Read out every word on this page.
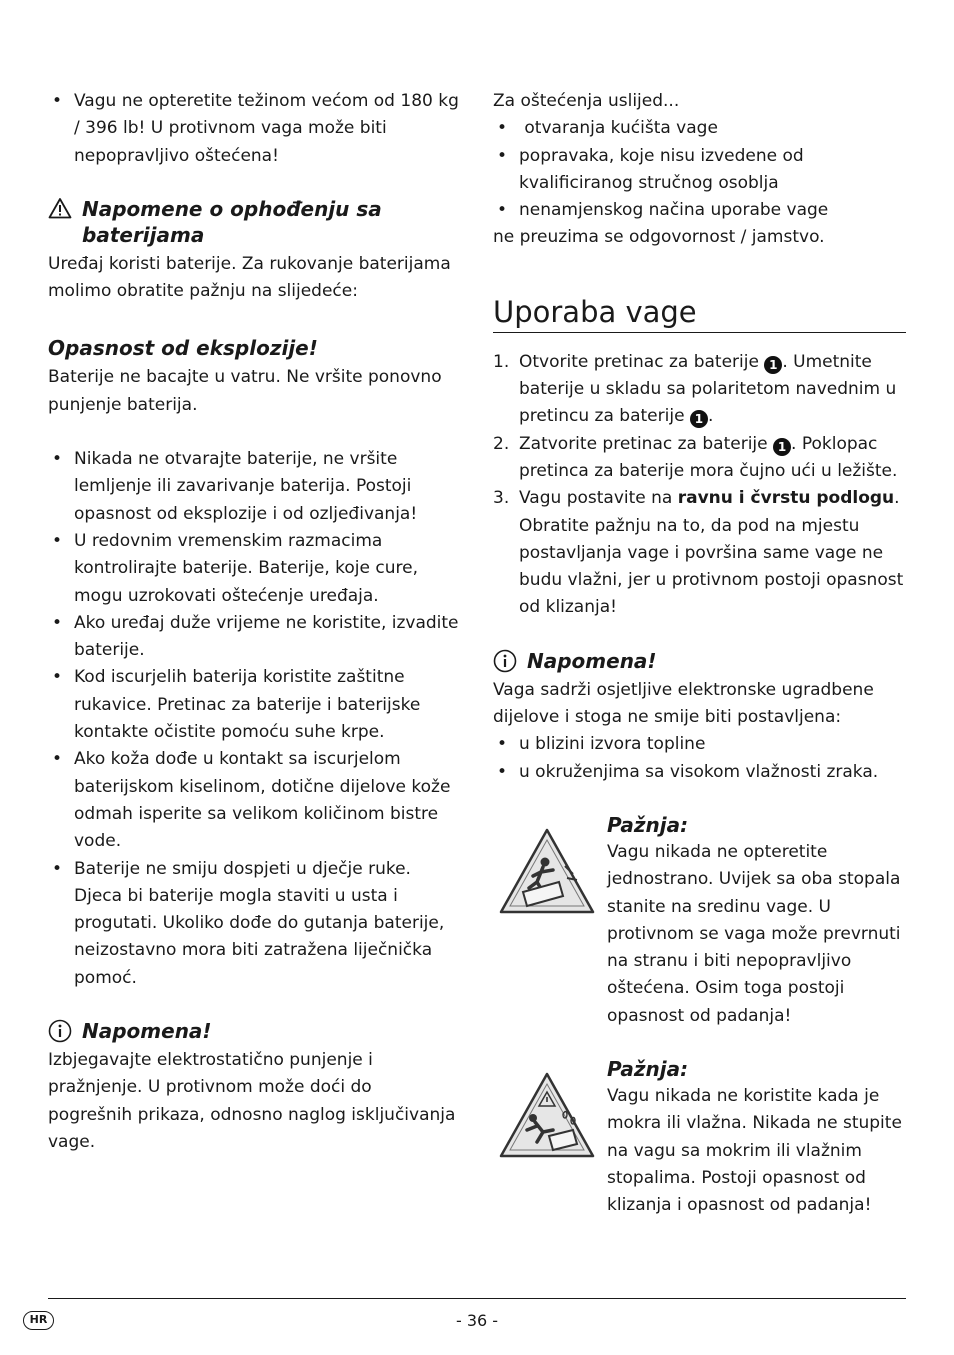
• Vagu ne opteretite težinom većom od 180 kg / 396 lb! U protivnom vaga može biti nepopravljivo oštećena!
Napomene o ophođenju sa baterijama

Uređaj koristi baterije. Za rukovanje baterijama molimo obratite pažnju na slijedeće:

Opasnost od eksplozije!

Baterije ne bacajte u vatru. Ne vršite ponovno punjenje baterija.

• Nikada ne otvarajte baterije, ne vršite lemljenje ili zavarivanje baterija. Postoji opasnost od eksplozije i od ozljeđivanja!
• U redovnim vremenskim razmacima kontrolirajte baterije. Baterije, koje cure, mogu uzrokovati oštećenje uređaja.
• Ako uređaj duže vrijeme ne koristite, izvadite baterije.
• Kod iscurjelih baterija koristite zaštitne rukavice. Pretinac za baterije i baterijske kontakte očistite pomoću suhe krpe.
• Ako koža dođe u kontakt sa iscurjelom baterijskom kiselinom, dotične dijelove kože odmah isperite sa velikom količinom bistre vode.
• Baterije ne smiju dospjeti u dječje ruke. Djeca bi baterije mogla staviti u usta i progutati. Ukoliko dođe do gutanja baterije, neizostavno mora biti zatražena liječnička pomoć.
Napomena!

Izbjegavajte elektrostatično punjenje i pražnjenje. U protivnom može doći do pogrešnih prikaza, odnosno naglog isključivanja vage.

Za oštećenja uslijed...

• otvaranja kućišta vage
• popravaka, koje nisu izvedene od kvalificiranog stručnog osoblja
• nenamjenskog načina uporabe vage

ne preuzima se odgovornost / jamstvo.

Uporaba vage
1. Otvorite pretinac za baterije 1 . Umetnite baterije u skladu sa polaritetom navednim u pretincu za baterije 1 .
2. Zatvorite pretinac za baterije 1 . Poklopac pretinca za baterije mora čujno ući u ležište.
3. Vagu postavite na ravnu i čvrstu podlogu. Obratite pažnju na to, da pod na mjestu postavljanja vage i površina same vage ne budu vlažni, jer u protivnom postoji opasnost od klizanja!
Napomena!

Vaga sadrži osjetljive elektronske ugradbene dijelove i stoga ne smije biti postavljena:

• u blizini izvora topline
• u okruženjima sa visokom vlažnosti zraka.
Pažnja:

Vagu nikada ne opteretite jednostrano. Uvijek sa oba stopala stanite na sredinu vage. U protivnom se vaga može prevrnuti na stranu i biti nepopravljivo oštećena. Osim toga postoji opasnost od padanja!

Pažnja:

Vagu nikada ne koristite kada je mokra ili vlažna. Nikada ne stupite na vagu sa mokrim ili vlažnim stopalima. Postoji opasnost od klizanja i opasnost od padanja!

HR	- 36 -
